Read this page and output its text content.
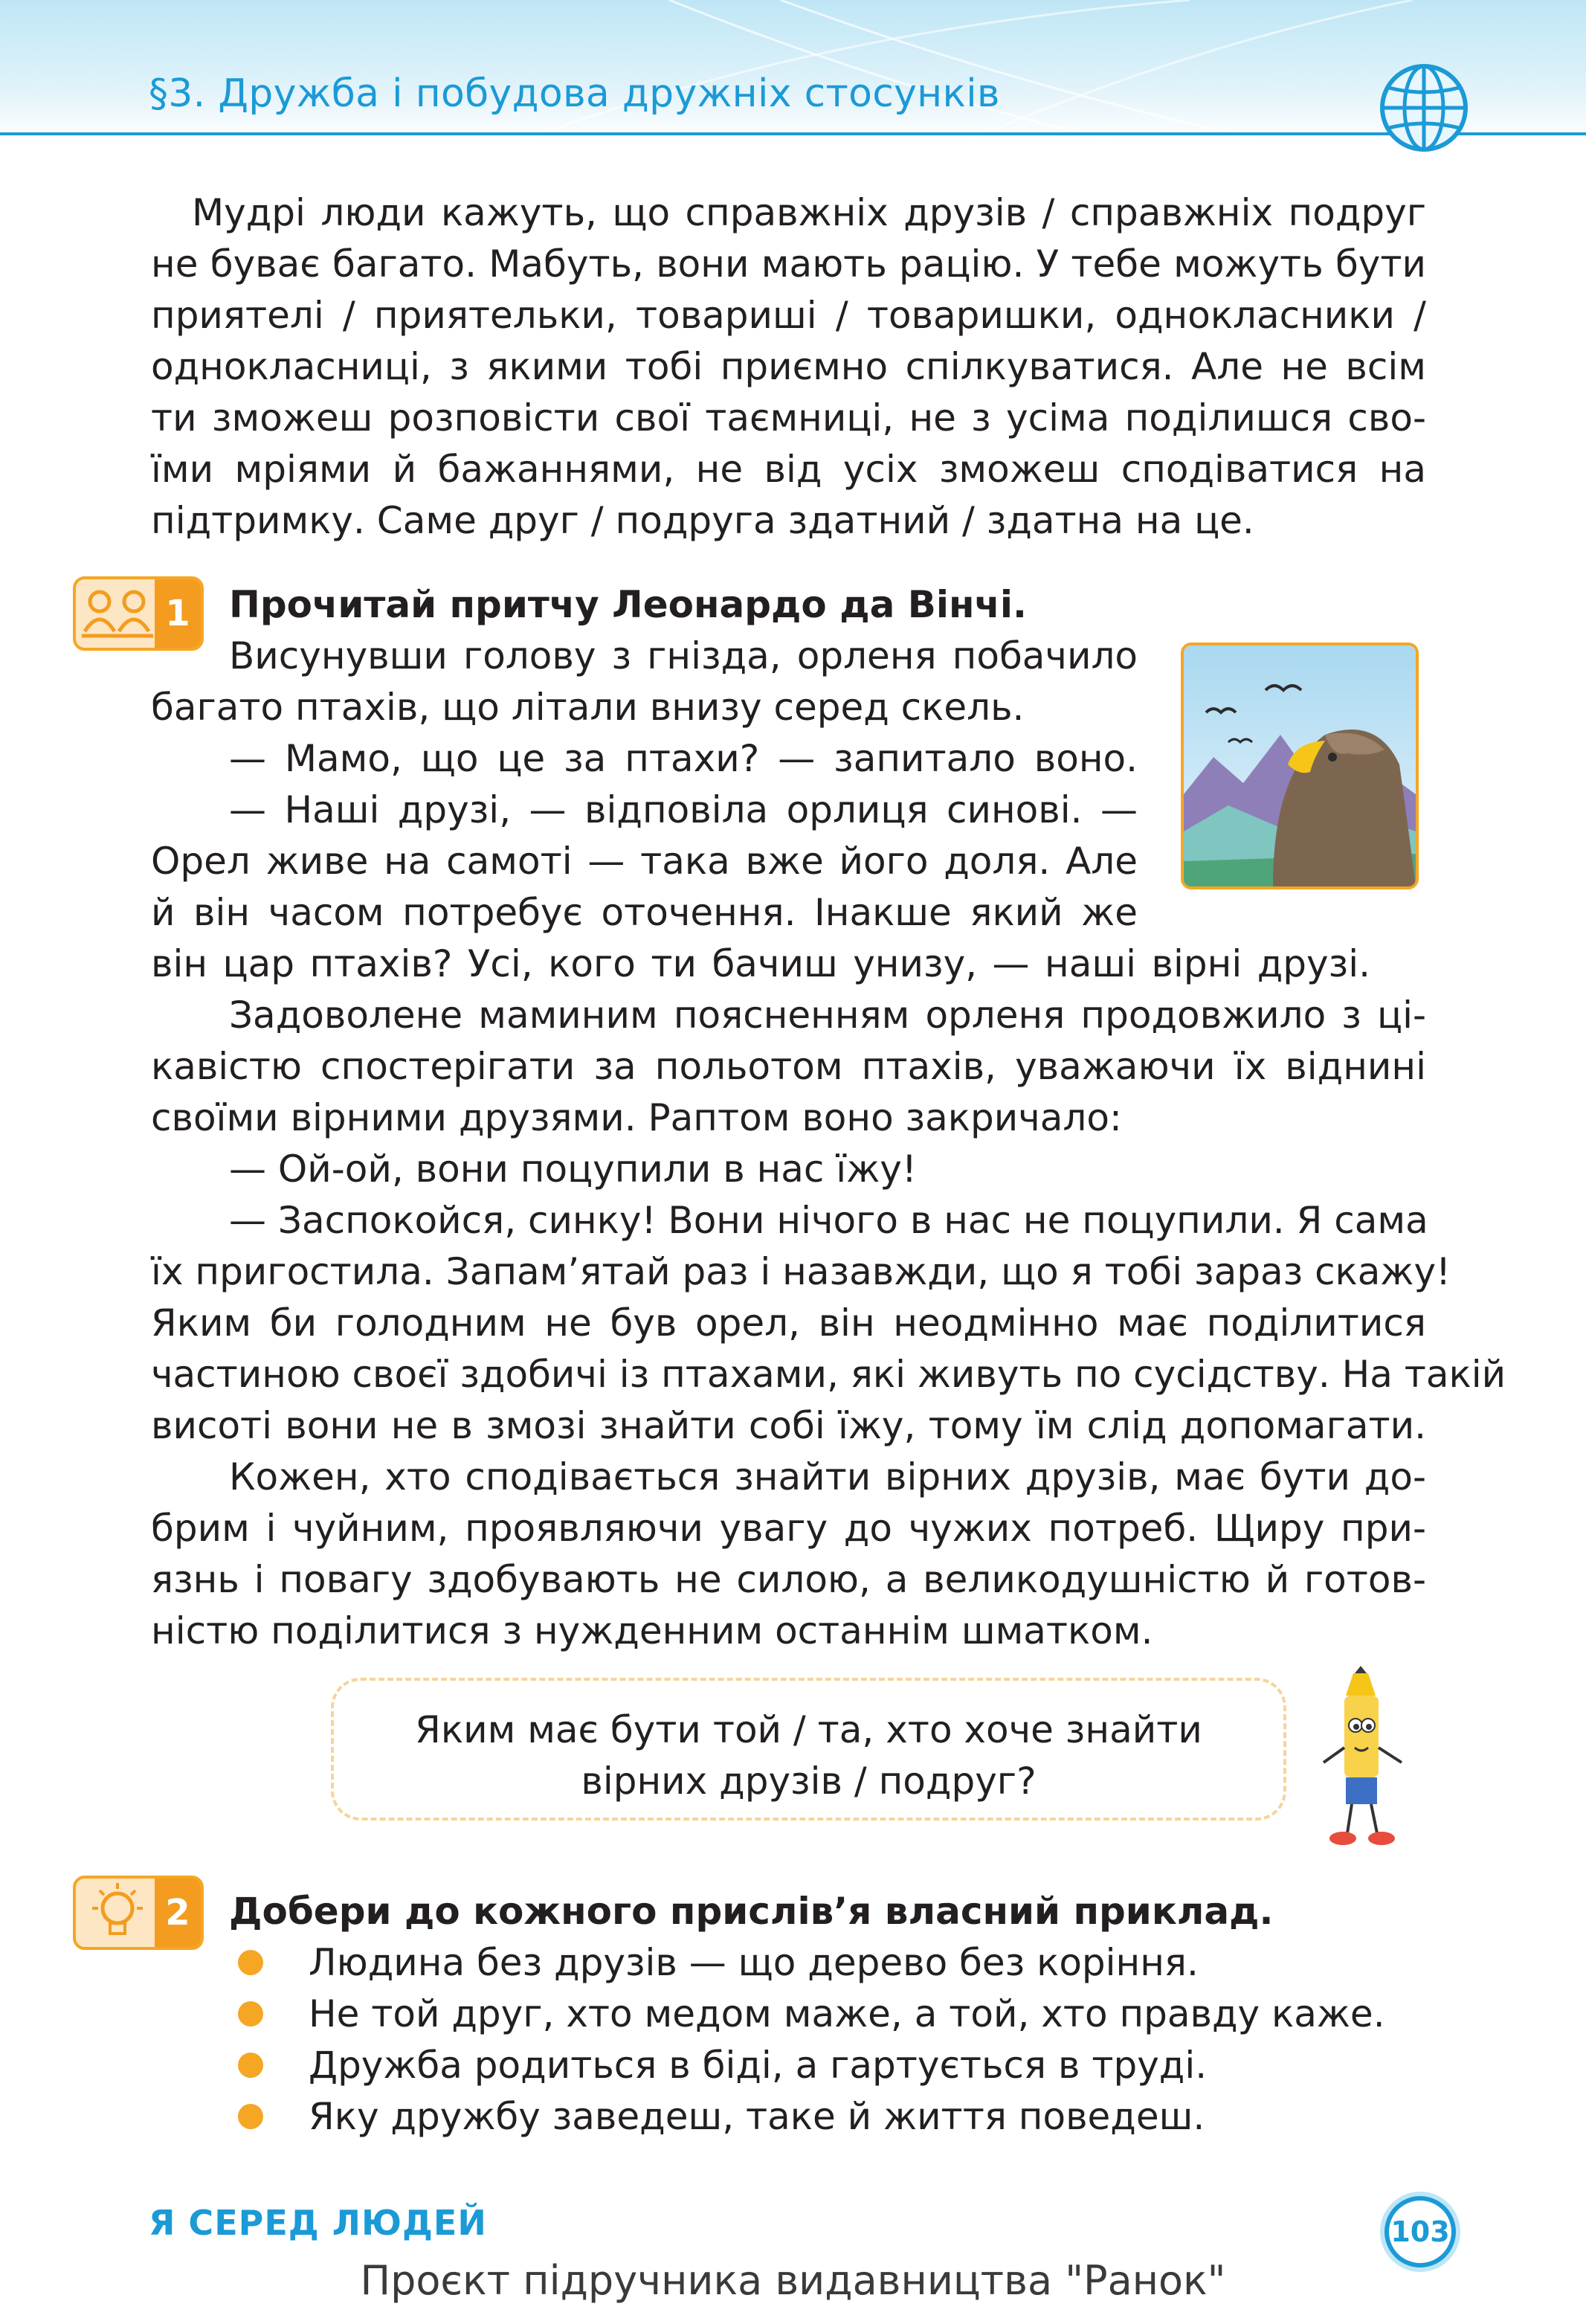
§3. Дружба і побудова дружніх стосунків
Мудрі люди кажуть, що справжніх друзів / справжніх подруг
не буває багато. Мабуть, вони мають рацію. У тебе можуть бути
приятелі / приятельки, товариші / товаришки, однокласники /
однокласниці, з якими тобі приємно спілкуватися. Але не всім
ти зможеш розповісти свої таємниці, не з усіма поділишся сво-
їми мріями й бажаннями, не від усіх зможеш сподіватися на
підтримку. Саме друг / подруга здатний / здатна на це.
1 Прочитай притчу Леонардо да Вінчі.
Висунувши голову з гнізда, орленя побачило
багато птахів, що літали внизу серед скель.
— Мамо, що це за птахи? — запитало воно.
— Наші друзі, — відповіла орлиця синові. —
Орел живе на самоті — така вже його доля. Але
й він часом потребує оточення. Інакше який же
він цар птахів? Усі, кого ти бачиш унизу, — наші вірні друзі.
Задоволене маминим поясненням орленя продовжило з ці-
кавістю спостерігати за польотом птахів, уважаючи їх віднині
своїми вірними друзями. Раптом воно закричало:
— Ой-ой, вони поцупили в нас їжу!
— Заспокойся, синку! Вони нічого в нас не поцупили. Я сама
їх пригостила. Запам’ятай раз і назавжди, що я тобі зараз скажу!
Яким би голодним не був орел, він неодмінно має поділитися
частиною своєї здобичі із птахами, які живуть по сусідству. На такій
висоті вони не в змозі знайти собі їжу, тому їм слід допомагати.
Кожен, хто сподівається знайти вірних друзів, має бути до-
брим і чуйним, проявляючи увагу до чужих потреб. Щиру при-
язнь і повагу здобувають не силою, а великодушністю й готов-
ністю поділитися з нужденним останнім шматком.
Яким має бути той / та, хто хоче знайти
вірних друзів / подруг?
2 Добери до кожного прислів’я власний приклад.
Людина без друзів — що дерево без коріння.
Не той друг, хто медом маже, а той, хто правду каже.
Дружба родиться в біді, а гартується в труді.
Яку дружбу заведеш, таке й життя поведеш.
Я СЕРЕД ЛЮДЕЙ	103
Проєкт підручника видавництва "Ранок"
